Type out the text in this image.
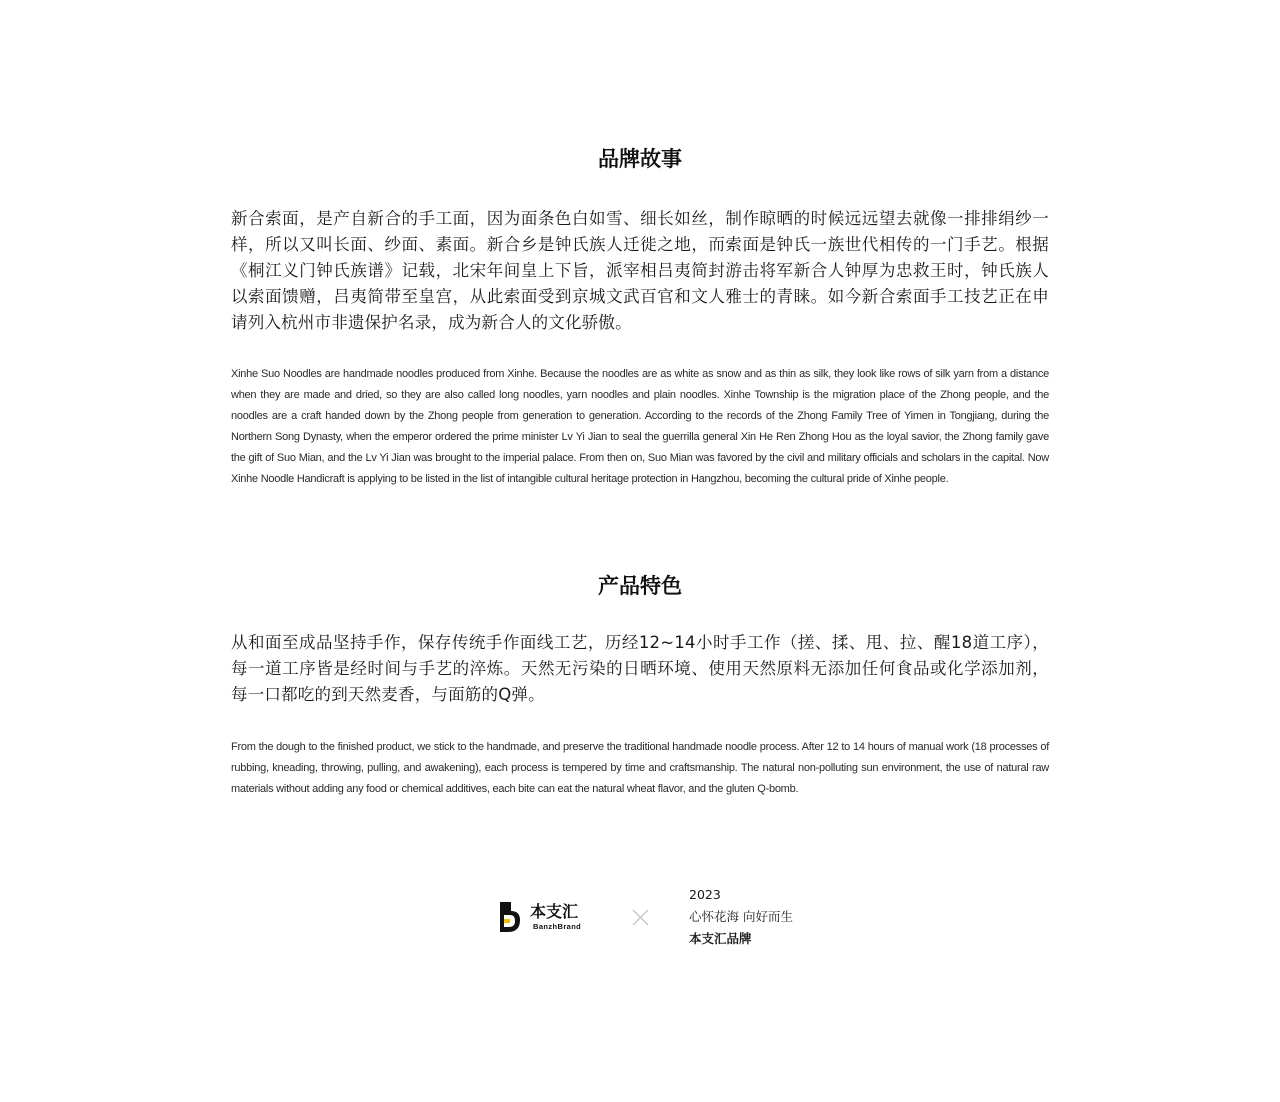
品牌故事

新合索面，是产自新合的手工面，因为面条色白如雪、细长如丝，制作晾晒的时候远远望去就像一排排绢纱一样，所以又叫长面、纱面、素面。新合乡是钟氏族人迁徙之地，而索面是钟氏一族世代相传的一门手艺。根据《桐江义门钟氏族谱》记载，北宋年间皇上下旨，派宰相吕夷简封游击将军新合人钟厚为忠救王时，钟氏族人以索面馈赠，吕夷简带至皇宫，从此索面受到京城文武百官和文人雅士的青睐。如今新合索面手工技艺正在申请列入杭州市非遗保护名录，成为新合人的文化骄傲。

Xinhe Suo Noodles are handmade noodles produced from Xinhe. Because the noodles are as white as snow and as thin as silk, they look like rows of silk yarn from a distance when they are made and dried, so they are also called long noodles, yarn noodles and plain noodles. Xinhe Township is the migration place of the Zhong people, and the noodles are a craft handed down by the Zhong people from generation to generation. According to the records of the Zhong Family Tree of Yimen in Tongjiang, during the Northern Song Dynasty, when the emperor ordered the prime minister Lv Yi Jian to seal the guerrilla general Xin He Ren Zhong Hou as the loyal savior, the Zhong family gave the gift of Suo Mian, and the Lv Yi Jian was brought to the imperial palace. From then on, Suo Mian was favored by the civil and military officials and scholars in the capital. Now Xinhe Noodle Handicraft is applying to be listed in the list of intangible cultural heritage protection in Hangzhou, becoming the cultural pride of Xinhe people.

产品特色

从和面至成品坚持手作，保存传统手作面线工艺，历经12~14小时手工作（搓、揉、甩、拉、醒18道工序），每一道工序皆是经时间与手艺的淬炼。天然无污染的日晒环境、使用天然原料无添加任何食品或化学添加剂，每一口都吃的到天然麦香，与面筋的Q弹。

From the dough to the finished product, we stick to the handmade, and preserve the traditional handmade noodle process. After 12 to 14 hours of manual work (18 processes of rubbing, kneading, throwing, pulling, and awakening), each process is tempered by time and craftsmanship. The natural non-polluting sun environment, the use of natural raw materials without adding any food or chemical additives, each bite can eat the natural wheat flavor, and the gluten Q-bomb.

本支汇
BanzhBrand
2023
心怀花海 向好而生
本支汇品牌
